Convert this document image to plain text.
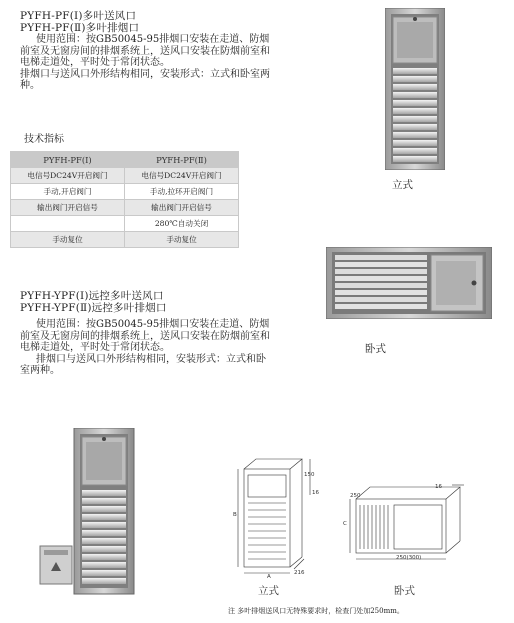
PYFH-PF(Ⅰ)多叶送风口
PYFH-PF(Ⅱ)多叶排烟口

使用范围：按GB50045-95排烟口安装在走道、防烟前室及无窗房间的排烟系统上，送风口安装在防烟前室和电梯走道处，平时处于常闭状态。

排烟口与送风口外形结构相同，安装形式：立式和卧室两种。

技术指标
PYFH-PF(Ⅰ)	PYFH-PF(Ⅱ)
电信号DC24V开启阀门	电信号DC24V开启阀门
手动,开启阀门	手动,拉环开启阀门
输出阀门开启信号	输出阀门开启信号
	280℃自动关闭
手动复位	手动复位
立式
卧式
PYFH-YPF(Ⅰ)远控多叶送风口
PYFH-YPF(Ⅱ)远控多叶排烟口

使用范围：按GB50045-95排烟口安装在走道、防烟前室及无窗房间的排烟系统上，送风口安装在防烟前室和电梯走道处，平时处于常闭状态。

排烟口与送风口外形结构相同，安装形式：立式和卧室两种。

B
A
216
150
16
C
250(300)
16
250
立式	卧式
注 多叶排烟送风口无特殊要求时，检查门处加250mm。
